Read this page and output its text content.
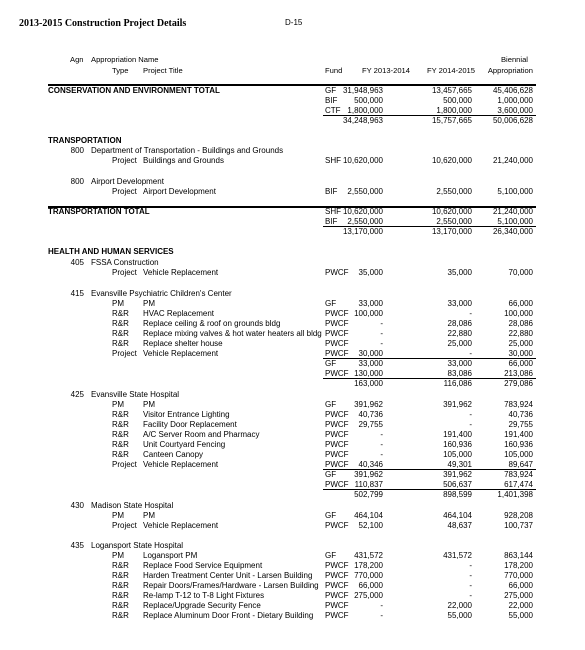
2013-2015 Construction Project Details	D-15
Agn Appropriation Name
Type Project Title	Fund	FY 2013-2014 FY 2014-2015
Biennial
Appropriation
CONSERVATION AND ENVIRONMENT TOTAL	GF 31,948,963	13,457,665	45,406,628
BIF 500,000	500,000	1,000,000
CTF 1,800,000	1,800,000	3,600,000
34,248,963	15,757,665	50,006,628
TRANSPORTATION
800 Department of Transportation - Buildings and Grounds
Project Buildings and Grounds	SHF 10,620,000	10,620,000	21,240,000
800 Airport Development
Project Airport Development	BIF 2,550,000	2,550,000	5,100,000
TRANSPORTATION TOTAL	SHF 10,620,000	10,620,000	21,240,000
BIF 2,550,000	2,550,000	5,100,000
13,170,000	13,170,000	26,340,000
HEALTH AND HUMAN SERVICES
405 FSSA Construction
Project Vehicle Replacement	PWCF 35,000	35,000	70,000
415 Evansville Psychiatric Children's Center
PM PM	GF	33,000	33,000	66,000
R&R HVAC Replacement	PWCF 100,000	-	100,000
R&R Replace ceiling & roof on grounds bldg	PWCF	-	28,086	28,086
R&R Replace mixing valves & hot water heaters all bldg PWCF	-	22,880	22,880
R&R Replace shelter house	PWCF	-	25,000	25,000
Project Vehicle Replacement	PWCF 30,000	-	30,000
GF	33,000	33,000	66,000
PWCF 130,000	83,086	213,086
163,000	116,086	279,086
425 Evansville State Hospital
PM PM	GF 391,962	391,962	783,924
R&R Visitor Entrance Lighting	PWCF 40,736	-	40,736
R&R Facility Door Replacement	PWCF 29,755	-	29,755
R&R A/C Server Room and Pharmacy	PWCF	-	191,400	191,400
R&R Unit Courtyard Fencing	PWCF	-	160,936	160,936
R&R Canteen Canopy	PWCF	-	105,000	105,000
Project Vehicle Replacement	PWCF 40,346	49,301	89,647
GF 391,962	391,962	783,924
PWCF 110,837	506,637	617,474
502,799	898,599	1,401,398
430 Madison State Hospital
PM PM	GF 464,104	464,104	928,208
Project Vehicle Replacement	PWCF 52,100	48,637	100,737
435 Logansport State Hospital
PM Logansport PM	GF 431,572	431,572	863,144
R&R Replace Food Service Equipment	PWCF 178,200	-	178,200
R&R Harden Treatment Center Unit - Larsen Building PWCF 770,000	-	770,000
R&R Repair Doors/Frames/Hardware - Larsen Building PWCF 66,000	-	66,000
R&R Re-lamp T-12 to T-8 Light Fixtures	PWCF 275,000	-	275,000
R&R Replace/Upgrade Security Fence	PWCF	-	22,000	22,000
R&R Replace Aluminum Door Front - Dietary Building PWCF	-	55,000	55,000
